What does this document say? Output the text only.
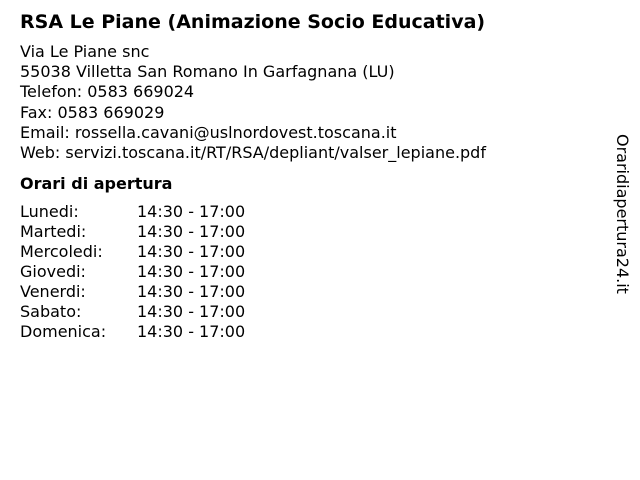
RSA Le Piane (Animazione Socio Educativa)
Via Le Piane snc
55038 Villetta San Romano In Garfagnana (LU)
Telefon: 0583 669024
Fax: 0583 669029
Email: rossella.cavani@uslnordovest.toscana.it
Web: servizi.toscana.it/RT/RSA/depliant/valser_lepiane.pdf
Orari di apertura
Lunedi:	14:30 - 17:00
Martedi:	14:30 - 17:00
Mercoledi:	14:30 - 17:00
Giovedi:	14:30 - 17:00
Venerdi:	14:30 - 17:00
Sabato:	14:30 - 17:00
Domenica:	14:30 - 17:00
Oraridiapertura24.it
